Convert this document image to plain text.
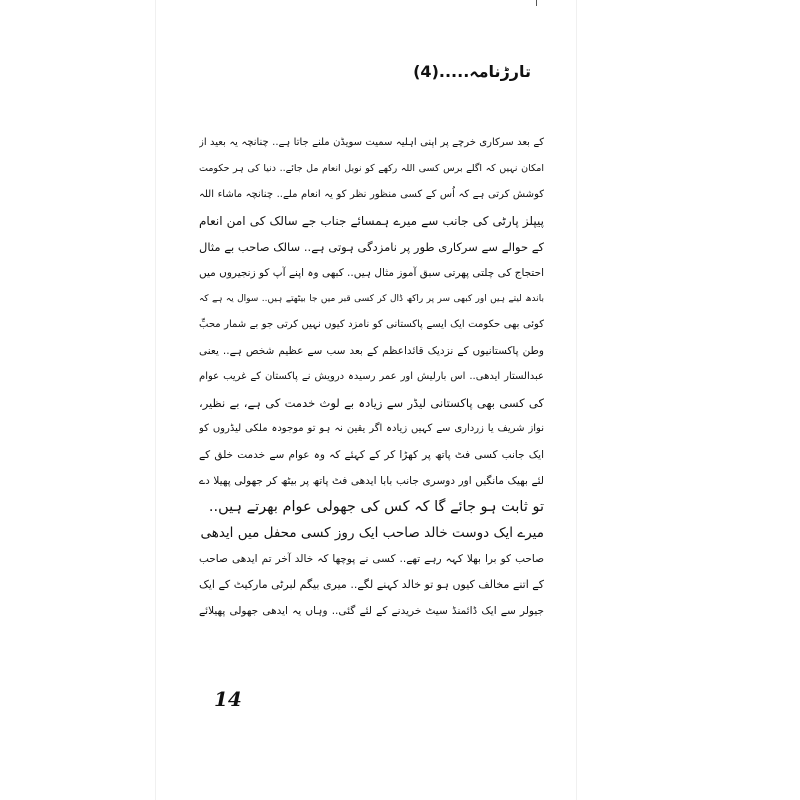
تارڑنامہ.....(4)
کے بعد سرکاری خرچے پر اپنی اہلیہ سمیت سویڈن ملنے جاتا ہے.. چنانچہ یہ بعید از
امکان نہیں کہ اگلے برس کسی اللہ رکھے کو نوبل انعام مل جائے.. دنیا کی ہر حکومت
کوشش کرتی ہے کہ اُس کے کسی منظور نظر کو یہ انعام ملے.. چنانچہ ماشاء اللہ
پیپلز پارٹی کی جانب سے میرے ہمسائے جناب جے سالک کی امن انعام
کے حوالے سے سرکاری طور پر نامزدگی ہوتی ہے.. سالک صاحب بے مثال
احتجاج کی چلتی پھرتی سبق آموز مثال ہیں.. کبھی وہ اپنے آپ کو زنجیروں میں
باندھ لیتے ہیں اور کبھی سر پر راکھ ڈال کر کسی قبر میں جا بیٹھتے ہیں.. سوال یہ ہے کہ
کوئی بھی حکومت ایک ایسے پاکستانی کو نامزد کیوں نہیں کرتی جو بے شمار محبِّ
وطن پاکستانیوں کے نزدیک قائداعظم کے بعد سب سے عظیم شخص ہے.. یعنی
عبدالستار ایدھی.. اس بارلیش اور عمر رسیدہ درویش نے پاکستان کے غریب عوام
کی کسی بھی پاکستانی لیڈر سے زیادہ بے لوث خدمت کی ہے، بے نظیر،
نواز شریف یا زرداری سے کہیں زیادہ اگر یقین نہ ہو تو موجودہ ملکی لیڈروں کو
ایک جانب کسی فٹ پاتھ پر کھڑا کر کے کہئے کہ وہ عوام سے خدمت خلق کے
لئے بھیک مانگیں اور دوسری جانب بابا ایدھی فٹ پاتھ پر بیٹھ کر جھولی پھیلا دے
تو ثابت ہو جائے گا کہ کس کی جھولی عوام بھرتے ہیں..
میرے ایک دوست خالد صاحب ایک روز کسی محفل میں ایدھی
صاحب کو برا بھلا کہہ رہے تھے.. کسی نے پوچھا کہ خالد آخر تم ایدھی صاحب
کے اتنے مخالف کیوں ہو تو خالد کہنے لگے.. میری بیگم لبرٹی مارکیٹ کے ایک
جیولر سے ایک ڈائمنڈ سیٹ خریدنے کے لئے گئی.. وہاں یہ ایدھی جھولی پھیلائے
14
